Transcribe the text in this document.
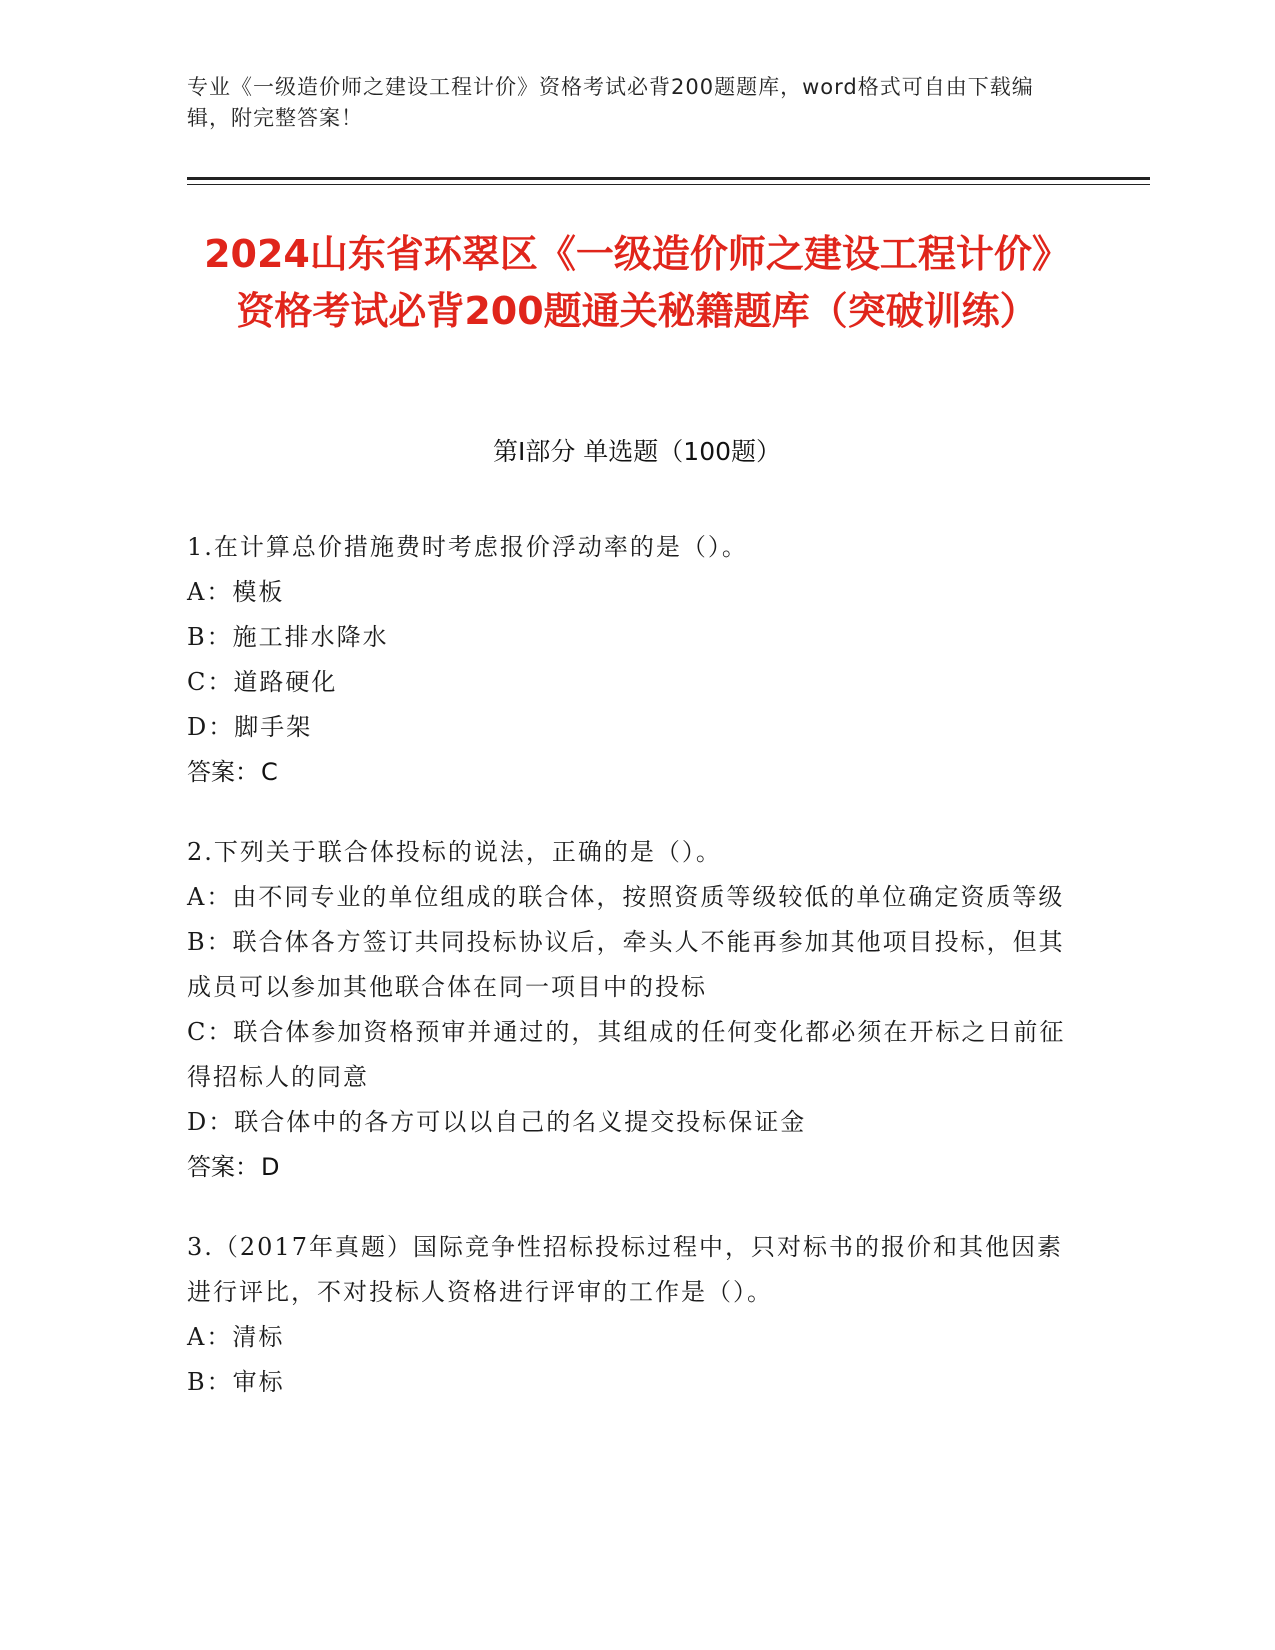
专业《一级造价师之建设工程计价》资格考试必背200题题库，word格式可自由下载编辑，附完整答案！
2024山东省环翠区《一级造价师之建设工程计价》资格考试必背200题通关秘籍题库（突破训练）
第I部分 单选题（100题）
1.在计算总价措施费时考虑报价浮动率的是（）。
A：模板
B：施工排水降水
C：道路硬化
D：脚手架
答案：C
2.下列关于联合体投标的说法，正确的是（）。
A：由不同专业的单位组成的联合体，按照资质等级较低的单位确定资质等级
B：联合体各方签订共同投标协议后，牵头人不能再参加其他项目投标，但其成员可以参加其他联合体在同一项目中的投标
C：联合体参加资格预审并通过的，其组成的任何变化都必须在开标之日前征得招标人的同意
D：联合体中的各方可以以自己的名义提交投标保证金
答案：D
3.（2017年真题）国际竞争性招标投标过程中，只对标书的报价和其他因素进行评比，不对投标人资格进行评审的工作是（）。
A：清标
B：审标
